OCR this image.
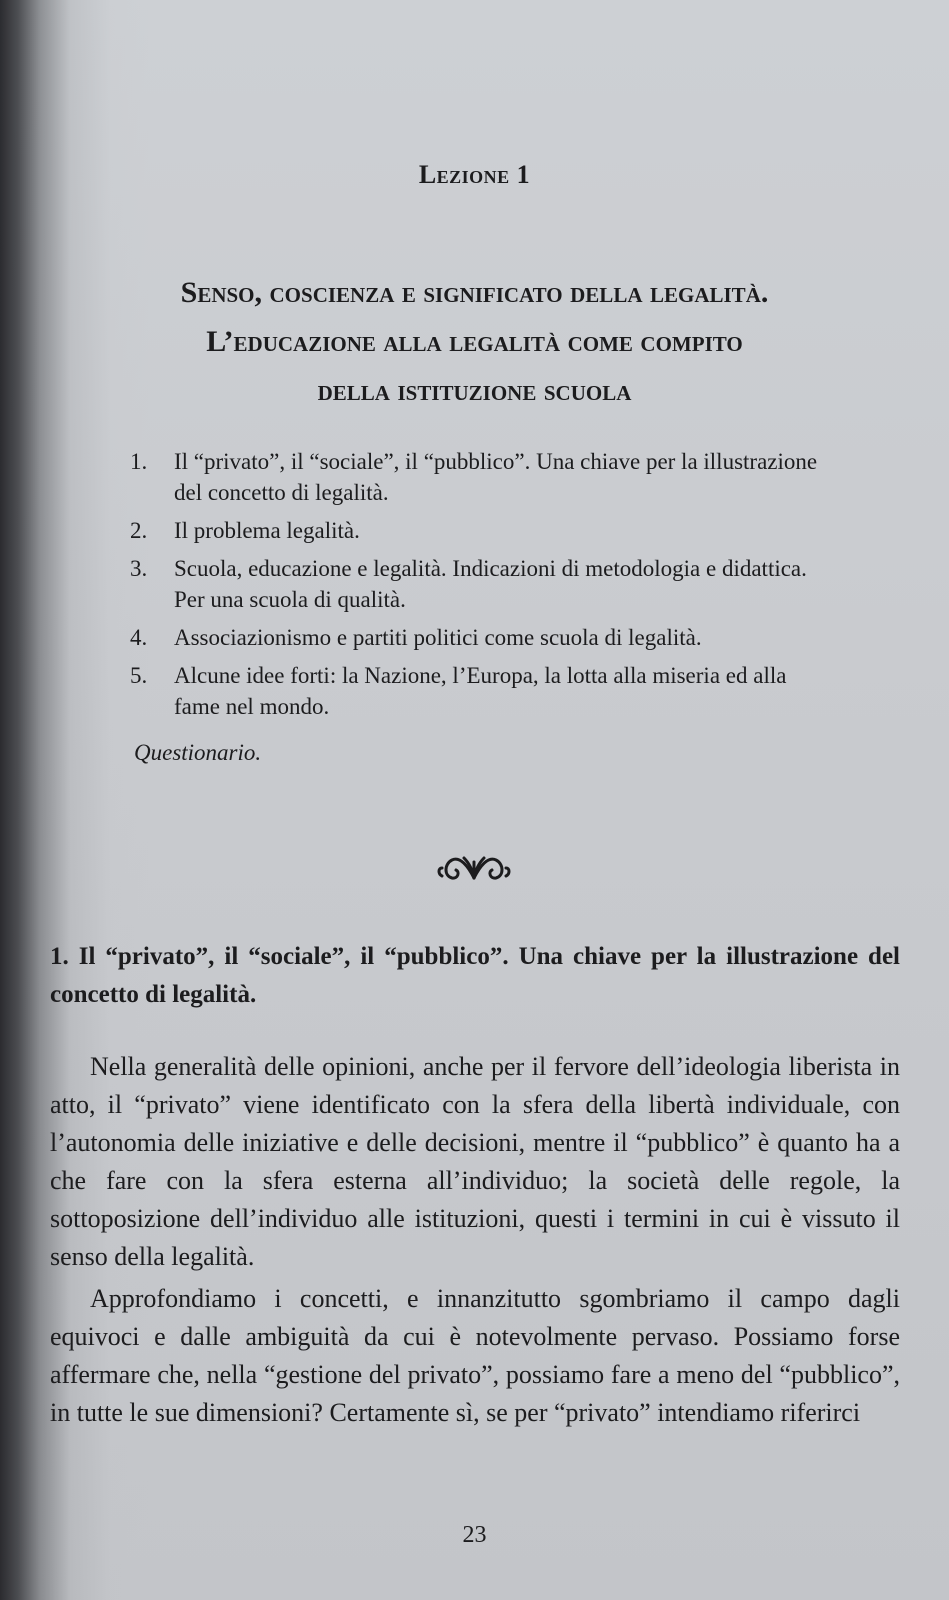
Lezione 1
Senso, coscienza e significato della legalità.
L’educazione alla legalità come compito
della istituzione scuola
1. Il “privato”, il “sociale”, il “pubblico”. Una chiave per la illustrazione del concetto di legalità.
2. Il problema legalità.
3. Scuola, educazione e legalità. Indicazioni di metodologia e didattica. Per una scuola di qualità.
4. Associazionismo e partiti politici come scuola di legalità.
5. Alcune idee forti: la Nazione, l’Europa, la lotta alla miseria ed alla fame nel mondo.
Questionario.
1. Il “privato”, il “sociale”, il “pubblico”. Una chiave per la illustrazione del concetto di legalità.

Nella generalità delle opinioni, anche per il fervore dell’ideologia liberista in atto, il “privato” viene identificato con la sfera della libertà individuale, con l’autonomia delle iniziative e delle decisioni, mentre il “pubblico” è quanto ha a che fare con la sfera esterna all’individuo; la società delle regole, la sottoposizione dell’individuo alle istituzioni, questi i termini in cui è vissuto il senso della legalità.

Approfondiamo i concetti, e innanzitutto sgombriamo il campo dagli equivoci e dalle ambiguità da cui è notevolmente pervaso. Possiamo forse affermare che, nella “gestione del privato”, possiamo fare a meno del “pubblico”, in tutte le sue dimensioni? Certamente sì, se per “privato” intendiamo riferirci

23
